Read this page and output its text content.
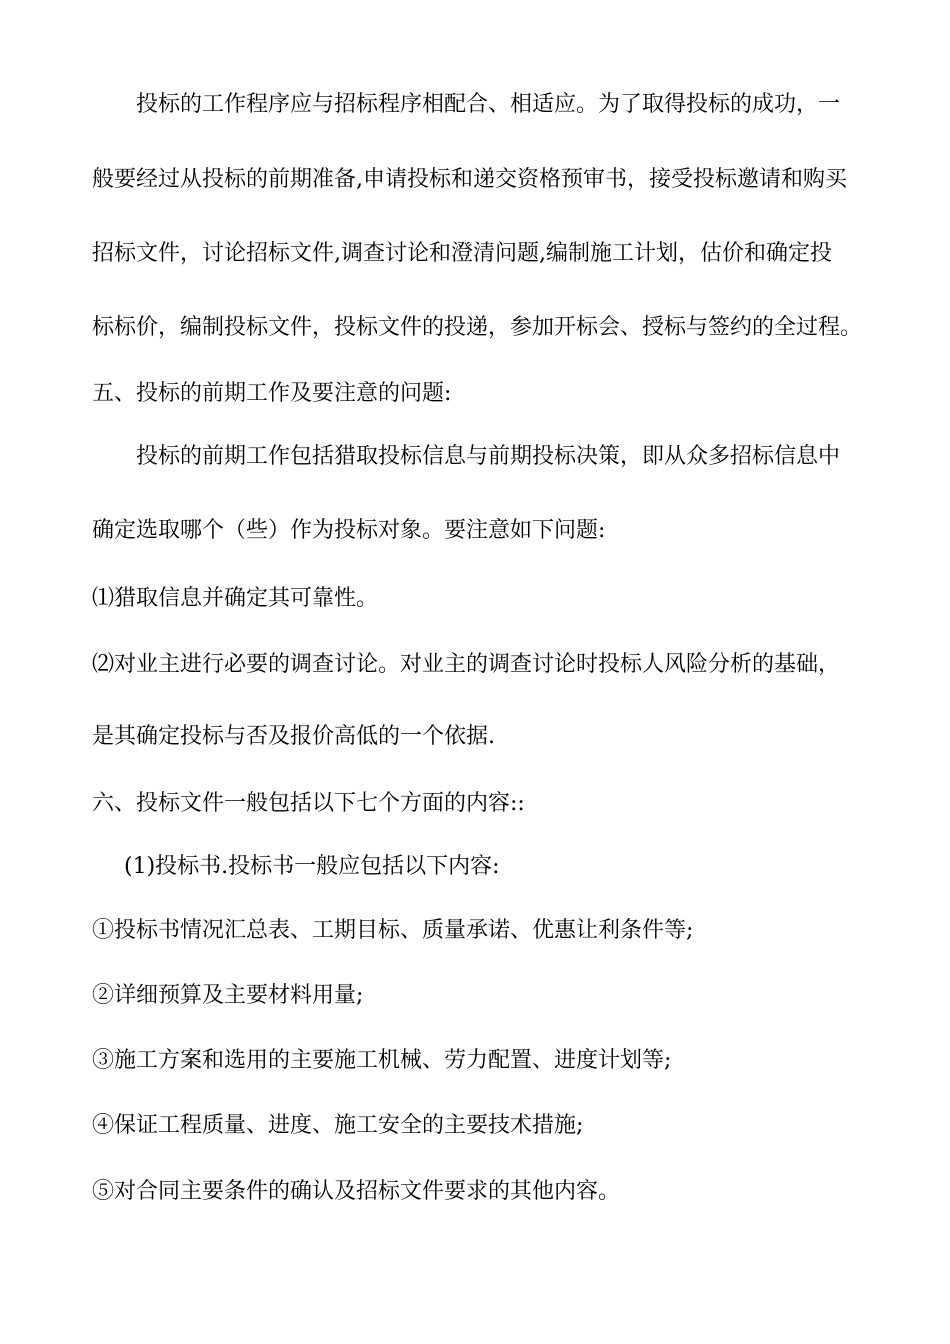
投标的工作程序应与招标程序相配合、相适应。为了取得投标的成功，一
般要经过从投标的前期准备,申请投标和递交资格预审书，接受投标邀请和购买
招标文件，讨论招标文件,调查讨论和澄清问题,编制施工计划，估价和确定投
标标价，编制投标文件，投标文件的投递，参加开标会、授标与签约的全过程。
五、投标的前期工作及要注意的问题:
投标的前期工作包括猎取投标信息与前期投标决策，即从众多招标信息中
确定选取哪个（些）作为投标对象。要注意如下问题:
⑴猎取信息并确定其可靠性。
⑵对业主进行必要的调查讨论。对业主的调查讨论时投标人风险分析的基础，
是其确定投标与否及报价高低的一个依据.
六、投标文件一般包括以下七个方面的内容::
(1)投标书.投标书一般应包括以下内容:
①投标书情况汇总表、工期目标、质量承诺、优惠让利条件等;
②详细预算及主要材料用量;
③施工方案和选用的主要施工机械、劳力配置、进度计划等;
④保证工程质量、进度、施工安全的主要技术措施;
⑤对合同主要条件的确认及招标文件要求的其他内容。
